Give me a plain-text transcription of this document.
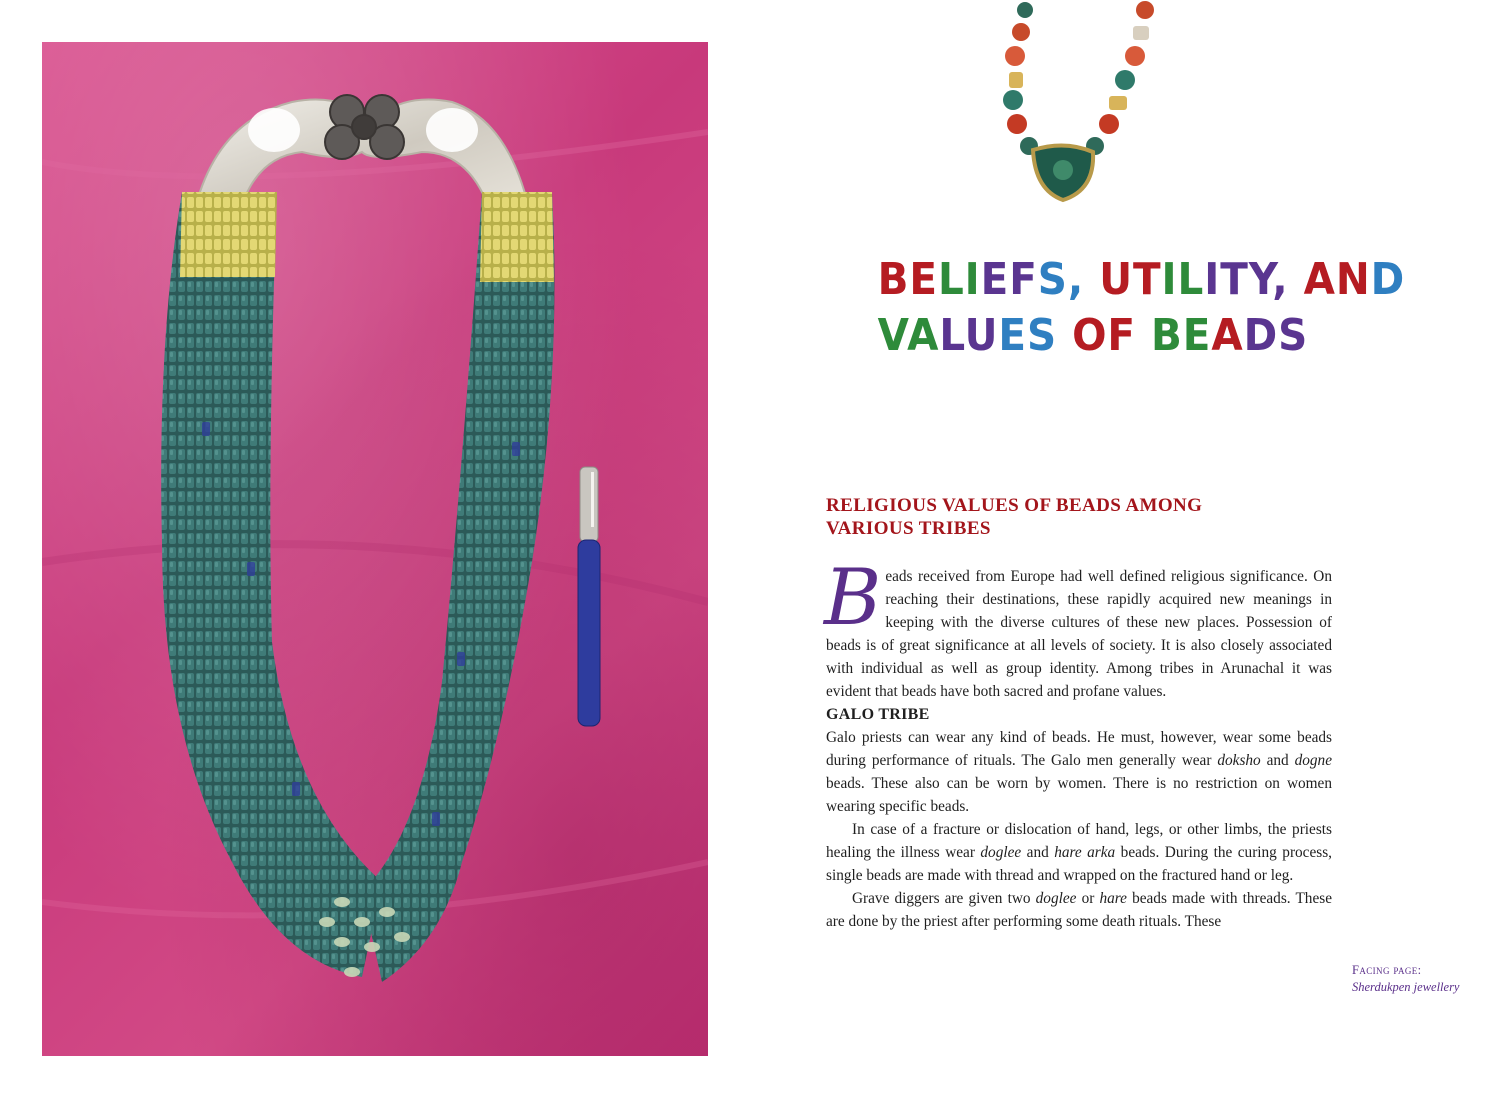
BELIEFS, UTILITY, AND
VALUES OF BEADS
RELIGIOUS VALUES OF BEADS AMONG
VARIOUS TRIBES

Beads received from Europe had well defined religious significance. On reaching their destinations, these rapidly acquired new meanings in keeping with the diverse cultures of these new places. Possession of beads is of great significance at all levels of society. It is also closely associated with individual as well as group identity. Among tribes in Arunachal it was evident that beads have both sacred and profane values.

GALO TRIBE

Galo priests can wear any kind of beads. He must, however, wear some beads during performance of rituals. The Galo men generally wear doksho and dogne beads. These also can be worn by women. There is no restriction on women wearing specific beads.

In case of a fracture or dislocation of hand, legs, or other limbs, the priests healing the illness wear doglee and hare arka beads. During the curing process, single beads are made with thread and wrapped on the fractured hand or leg.

Grave diggers are given two doglee or hare beads made with threads. These are done by the priest after performing some death rituals. These

Facing page:
Sherdukpen jewellery
